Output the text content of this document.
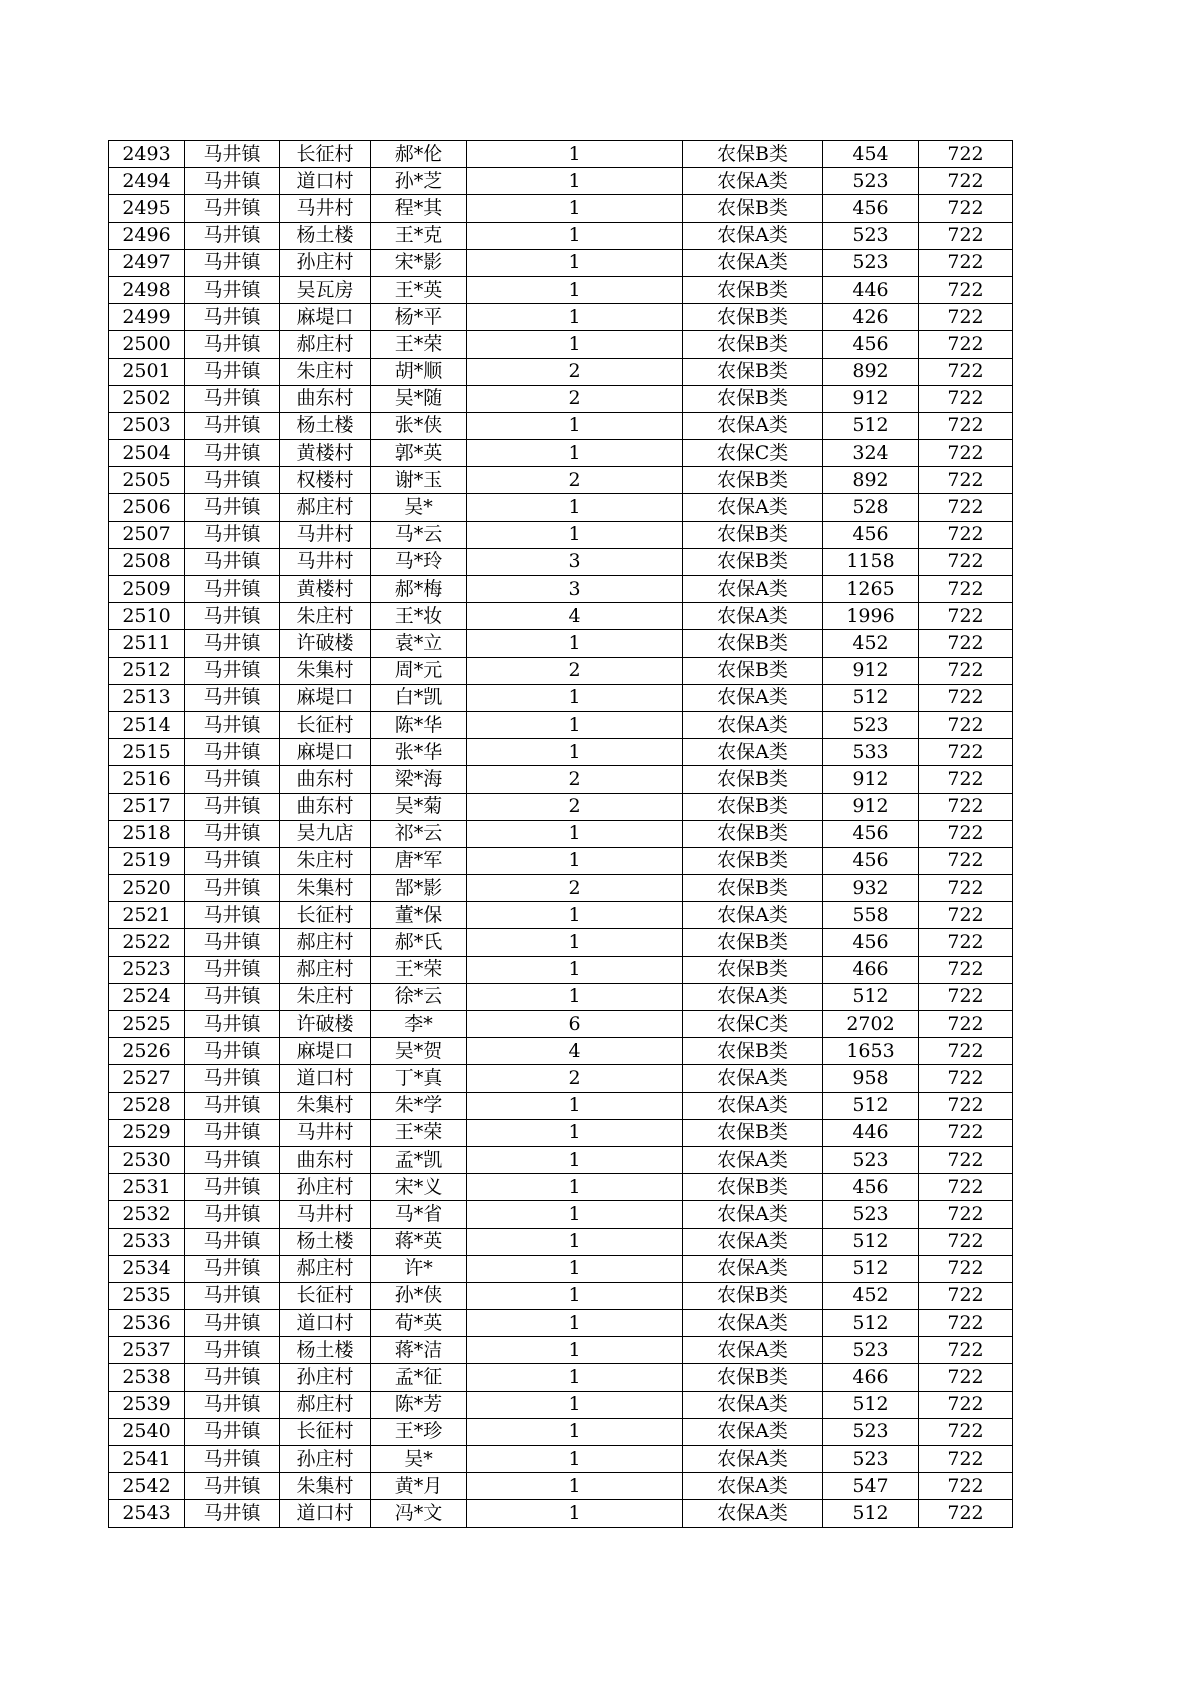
2493	马井镇	长征村	郝*伦	1	农保B类	454	722
2494	马井镇	道口村	孙*芝	1	农保A类	523	722
2495	马井镇	马井村	程*其	1	农保B类	456	722
2496	马井镇	杨土楼	王*克	1	农保A类	523	722
2497	马井镇	孙庄村	宋*影	1	农保A类	523	722
2498	马井镇	吴瓦房	王*英	1	农保B类	446	722
2499	马井镇	麻堤口	杨*平	1	农保B类	426	722
2500	马井镇	郝庄村	王*荣	1	农保B类	456	722
2501	马井镇	朱庄村	胡*顺	2	农保B类	892	722
2502	马井镇	曲东村	吴*随	2	农保B类	912	722
2503	马井镇	杨土楼	张*侠	1	农保A类	512	722
2504	马井镇	黄楼村	郭*英	1	农保C类	324	722
2505	马井镇	权楼村	谢*玉	2	农保B类	892	722
2506	马井镇	郝庄村	吴*	1	农保A类	528	722
2507	马井镇	马井村	马*云	1	农保B类	456	722
2508	马井镇	马井村	马*玲	3	农保B类	1158	722
2509	马井镇	黄楼村	郝*梅	3	农保A类	1265	722
2510	马井镇	朱庄村	王*妆	4	农保A类	1996	722
2511	马井镇	许破楼	袁*立	1	农保B类	452	722
2512	马井镇	朱集村	周*元	2	农保B类	912	722
2513	马井镇	麻堤口	白*凯	1	农保A类	512	722
2514	马井镇	长征村	陈*华	1	农保A类	523	722
2515	马井镇	麻堤口	张*华	1	农保A类	533	722
2516	马井镇	曲东村	梁*海	2	农保B类	912	722
2517	马井镇	曲东村	吴*菊	2	农保B类	912	722
2518	马井镇	吴九店	祁*云	1	农保B类	456	722
2519	马井镇	朱庄村	唐*军	1	农保B类	456	722
2520	马井镇	朱集村	郜*影	2	农保B类	932	722
2521	马井镇	长征村	董*保	1	农保A类	558	722
2522	马井镇	郝庄村	郝*氏	1	农保B类	456	722
2523	马井镇	郝庄村	王*荣	1	农保B类	466	722
2524	马井镇	朱庄村	徐*云	1	农保A类	512	722
2525	马井镇	许破楼	李*	6	农保C类	2702	722
2526	马井镇	麻堤口	吴*贺	4	农保B类	1653	722
2527	马井镇	道口村	丁*真	2	农保A类	958	722
2528	马井镇	朱集村	朱*学	1	农保A类	512	722
2529	马井镇	马井村	王*荣	1	农保B类	446	722
2530	马井镇	曲东村	孟*凯	1	农保A类	523	722
2531	马井镇	孙庄村	宋*义	1	农保B类	456	722
2532	马井镇	马井村	马*省	1	农保A类	523	722
2533	马井镇	杨土楼	蒋*英	1	农保A类	512	722
2534	马井镇	郝庄村	许*	1	农保A类	512	722
2535	马井镇	长征村	孙*侠	1	农保B类	452	722
2536	马井镇	道口村	荀*英	1	农保A类	512	722
2537	马井镇	杨土楼	蒋*洁	1	农保A类	523	722
2538	马井镇	孙庄村	孟*征	1	农保B类	466	722
2539	马井镇	郝庄村	陈*芳	1	农保A类	512	722
2540	马井镇	长征村	王*珍	1	农保A类	523	722
2541	马井镇	孙庄村	吴*	1	农保A类	523	722
2542	马井镇	朱集村	黄*月	1	农保A类	547	722
2543	马井镇	道口村	冯*文	1	农保A类	512	722
